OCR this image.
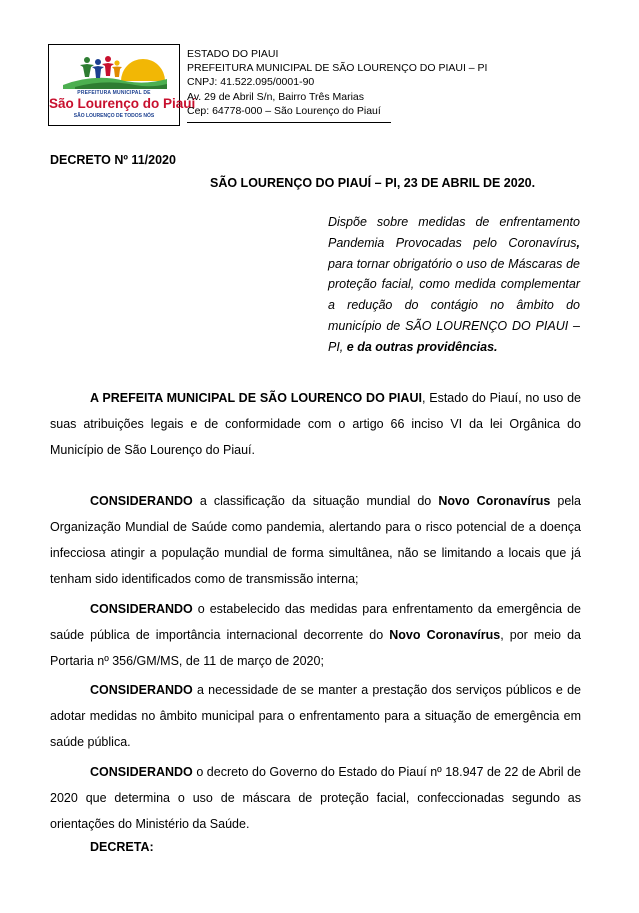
PREFEITURA MUNICIPAL DE
São Lourenço do Piauí
SÃO LOURENÇO DE TODOS NÓS
ESTADO DO PIAUI
PREFEITURA MUNICIPAL DE SÃO LOURENÇO DO PIAUI – PI
CNPJ: 41.522.095/0001-90
Av. 29 de Abril S/n, Bairro Três Marias
Cep: 64778-000 – São Lourenço do Piauí
DECRETO Nº 11/2020
SÃO LOURENÇO DO PIAUÍ – PI, 23 DE ABRIL DE 2020.
Dispõe sobre medidas de enfrentamento Pandemia Provocadas pelo Coronavírus, para tornar obrigatório o uso de Máscaras de proteção facial, como medida complementar a redução do contágio no âmbito do município de SÃO LOURENÇO DO PIAUI – PI, e da outras providências.
A PREFEITA MUNICIPAL DE SÃO LOURENCO DO PIAUI, Estado do Piauí, no uso de suas atribuições legais e de conformidade com o artigo 66 inciso VI da lei Orgânica do Município de São Lourenço do Piauí.
CONSIDERANDO a classificação da situação mundial do Novo Coronavírus pela Organização Mundial de Saúde como pandemia, alertando para o risco potencial de a doença infecciosa atingir a população mundial de forma simultânea, não se limitando a locais que já tenham sido identificados como de transmissão interna;
CONSIDERANDO o estabelecido das medidas para enfrentamento da emergência de saúde pública de importância internacional decorrente do Novo Coronavírus, por meio da Portaria nº 356/GM/MS, de 11 de março de 2020;
CONSIDERANDO a necessidade de se manter a prestação dos serviços públicos e de adotar medidas no âmbito municipal para o enfrentamento para a situação de emergência em saúde pública.
CONSIDERANDO o decreto do Governo do Estado do Piauí nº 18.947 de 22 de Abril de 2020 que determina o uso de máscara de proteção facial, confeccionadas segundo as orientações do Ministério da Saúde.
DECRETA:
